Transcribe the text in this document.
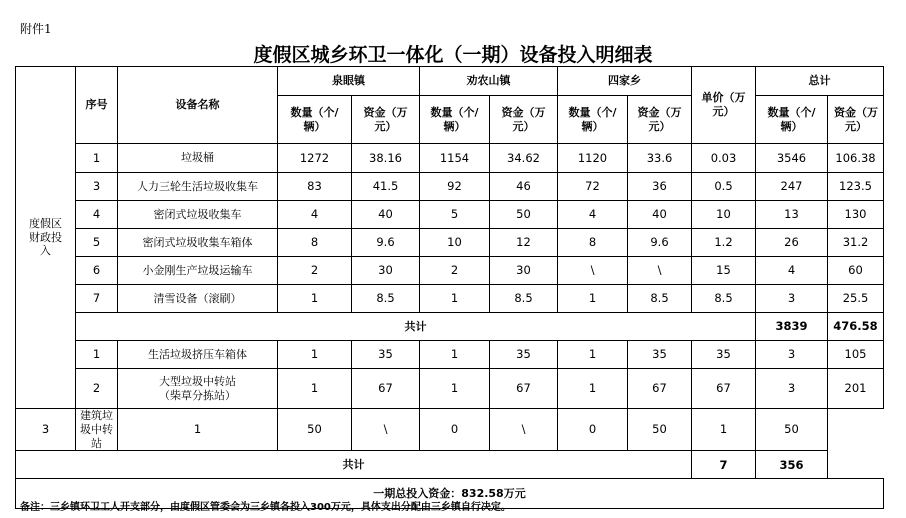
附件1
度假区城乡环卫一体化（一期）设备投入明细表
度假区财政投入	序号	设备名称	泉眼镇		劝农山镇		四家乡		单价（万元）	总计	

			数量（个/辆）	资金（万元）	数量（个/辆）	资金（万元）	数量（个/辆）	资金（万元）		数量（个/辆）	资金（万元）

	1	垃圾桶	1272	38.16	1154	34.62	1120	33.6	0.03	3546	106.38
	3	人力三轮生活垃圾收集车	83	41.5	92	46	72	36	0.5	247	123.5
	4	密闭式垃圾收集车	4	40	5	50	4	40	10	13	130
	5	密闭式垃圾收集车箱体	8	9.6	10	12	8	9.6	1.2	26	31.2
	6	小金刚生产垃圾运输车	2	30	2	30	\	\	15	4	60
	7	清雪设备（滚刷）	1	8.5	1	8.5	1	8.5	8.5	3	25.5
	共计									3839	476.58
	1	生活垃圾挤压车箱体	1	35	1	35	1	35	35	3	105
	2	大型垃圾中转站
（柴草分拣站）	1	67	1	67	1	67	67	3	201
3	建筑垃圾中转站	1	50	\	0	\	0	50	1	50	
共计									7	356	
一期总投入资金：832.58万元											
备注：三乡镇环卫工人开支部分，由度假区管委会为三乡镇各投入300万元，具体支出分配由三乡镇自行决定。
